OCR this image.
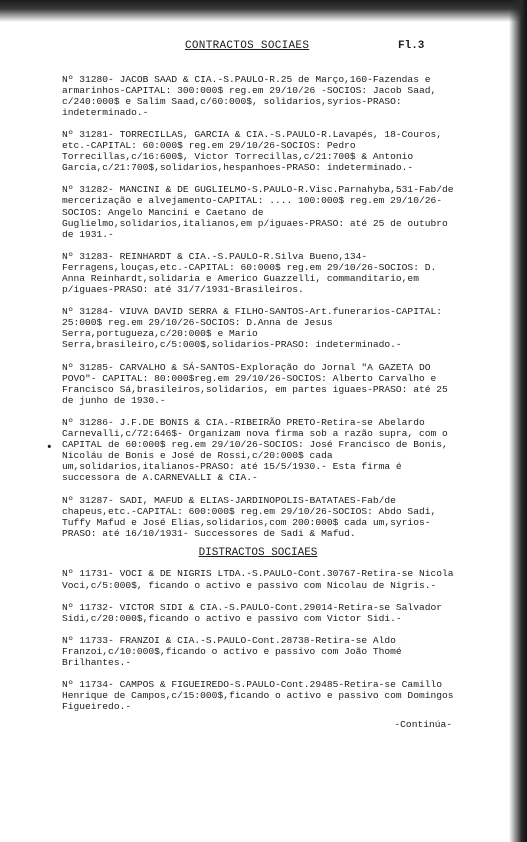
CONTRACTOS SOCIAES	Fl.3
•

Nº 31280- JACOB SAAD & CIA.-S.PAULO-R.25 de Março,160-Fazendas e armarinhos-CAPITAL: 300:000$ reg.em 29/10/26 -SOCIOS: Jacob Saad, c/240:000$ e Salim Saad,c/60:000$, solidarios,syrios-PRASO: indeterminado.-

Nº 31281- TORRECILLAS, GARCIA & CIA.-S.PAULO-R.Lavapés, 18-Couros, etc.-CAPITAL: 60:000$ reg.em 29/10/26-SOCIOS: Pedro Torrecillas,c/16:600$, Victor Torrecillas,c/21:700$ & Antonio Garcia,c/21:700$,solidarios,hespanhoes-PRASO: indeterminado.-

Nº 31282- MANCINI & DE GUGLIELMO-S.PAULO-R.Visc.Parnahyba,531-Fab/de mercerização e alvejamento-CAPITAL: .... 100:000$ reg.em 29/10/26-SOCIOS: Angelo Mancini e Caetano de Guglielmo,solidarios,italianos,em p/iguaes-PRASO: até 25 de outubro de 1931.-

Nº 31283- REINHARDT & CIA.-S.PAULO-R.Silva Bueno,134-Ferragens,louças,etc.-CAPITAL: 60:000$ reg.em 29/10/26-SOCIOS: D. Anna Reinhardt,solidaria e Americo Guazzelli, commanditario,em p/iguaes-PRASO: até 31/7/1931-Brasileiros.

Nº 31284- VIUVA DAVID SERRA & FILHO-SANTOS-Art.funerarios-CAPITAL: 25:000$ reg.em 29/10/26-SOCIOS: D.Anna de Jesus Serra,portugueza,c/20:000$ e Mario Serra,brasileiro,c/5:000$,solidarios-PRASO: indeterminado.-

Nº 31285- CARVALHO & SÁ-SANTOS-Exploração do Jornal "A GAZETA DO POVO"- CAPITAL: 80:000$reg.em 29/10/26-SOCIOS: Alberto Carvalho e Francisco Sá,brasileiros,solidarios, em partes iguaes-PRASO: até 25 de junho de 1930.-

Nº 31286- J.F.DE BONIS & CIA.-RIBEIRÃO PRETO-Retira-se Abelardo Carnevalli,c/72:646$- Organizam nova firma sob a razão supra, com o CAPITAL de 60:000$ reg.em 29/10/26-SOCIOS: José Francisco de Bonis, Nicoláu de Bonis e José de Rossi,c/20:000$ cada um,solidarios,italianos-PRASO: até 15/5/1930.- Esta firma é successora de A.CARNEVALLI & CIA.-

Nº 31287- SADI, MAFUD & ELIAS-JARDINOPOLIS-BATATAES-Fab/de chapeus,etc.-CAPITAL: 600:000$ reg.em 29/10/26-SOCIOS: Abdo Sadi, Tuffy Mafud e José Elias,solidarios,com 200:000$ cada um,syrios-PRASO: até 16/10/1931- Successores de Sadi & Mafud.

DISTRACTOS SOCIAES

Nº 11731- VOCI & DE NIGRIS LTDA.-S.PAULO-Cont.30767-Retira-se Nicola Voci,c/5:000$, ficando o activo e passivo com Nicolau de Nigris.-

Nº 11732- VICTOR SIDI & CIA.-S.PAULO-Cont.29014-Retira-se Salvador Sidi,c/20:000$,ficando o activo e passivo com Victor Sidi.-

Nº 11733- FRANZOI & CIA.-S.PAULO-Cont.28738-Retira-se Aldo Franzoi,c/10:000$,ficando o activo e passivo com João Thomé Brilhantes.-

Nº 11734- CAMPOS & FIGUEIREDO-S.PAULO-Cont.29485-Retira-se Camillo Henrique de Campos,c/15:000$,ficando o activo e passivo com Domingos Figueiredo.-

-Continúa-
